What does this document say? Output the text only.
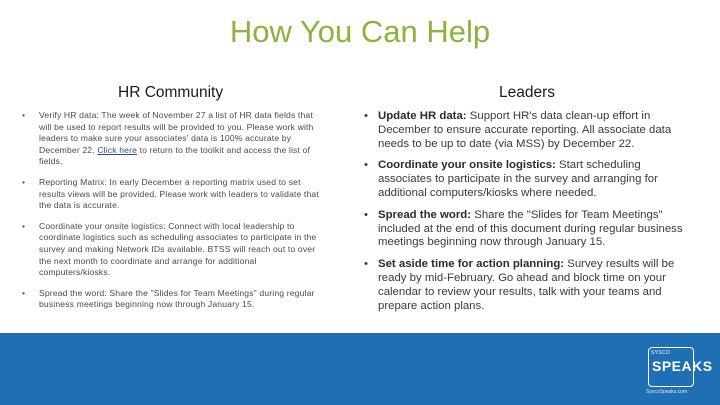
How You Can Help
HR Community	Leaders
• Verify HR data: The week of November 27 a list of HR data fields that will be used to report results will be provided to you. Please work with leaders to make sure your associates' data is 100% accurate by December 22. Click here to return to the toolkit and access the list of fields.
• Reporting Matrix: In early December a reporting matrix used to set results views will be provided. Please work with leaders to validate that the data is accurate.
• Coordinate your onsite logistics: Connect with local leadership to coordinate logistics such as scheduling associates to participate in the survey and making Network IDs available. BTSS will reach out to over the next month to coordinate and arrange for additional computers/kiosks.
• Spread the word: Share the "Slides for Team Meetings" during regular business meetings beginning now through January 15.
• Update HR data: Support HR's data clean-up effort in December to ensure accurate reporting. All associate data needs to be up to date (via MSS) by December 22.
• Coordinate your onsite logistics: Start scheduling associates to participate in the survey and arranging for additional computers/kiosks where needed.
• Spread the word: Share the "Slides for Team Meetings" included at the end of this document during regular business meetings beginning now through January 15.
• Set aside time for action planning: Survey results will be ready by mid-February. Go ahead and block time on your calendar to review your results, talk with your teams and prepare action plans.
SYSCO
SPEAKS
SyscoSpeaks.com
